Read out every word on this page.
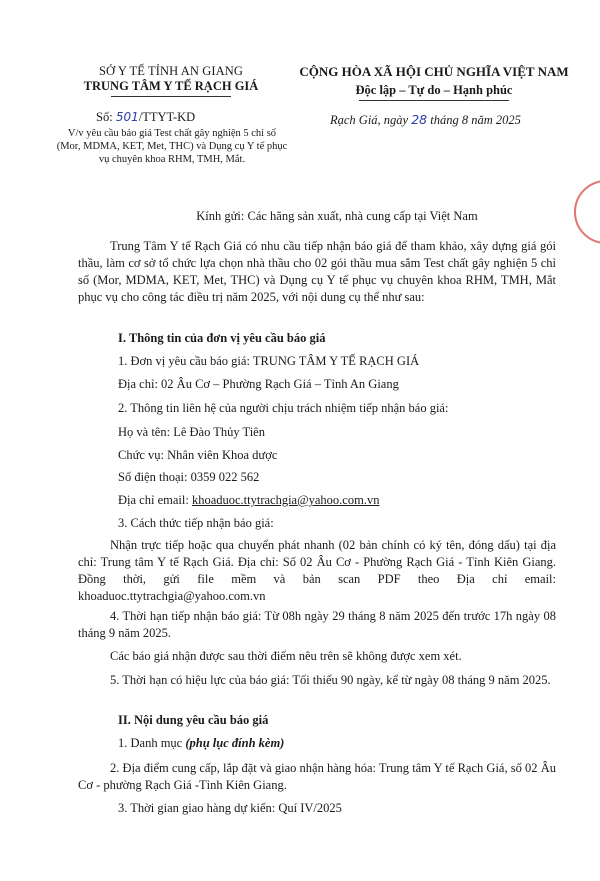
SỞ Y TẾ TỈNH AN GIANG
TRUNG TÂM Y TẾ RẠCH GIÁ
CỘNG HÒA XÃ HỘI CHỦ NGHĨA VIỆT NAM
Độc lập – Tự do – Hạnh phúc
Số: 501/TTYT-KD	Rạch Giá, ngày 28 tháng 8 năm 2025
V/v yêu cầu báo giá Test chất gây nghiện 5 chỉ số (Mor, MDMA, KET, Met, THC) và Dụng cụ Y tế phục vụ chuyên khoa RHM, TMH, Mắt.

Kính gửi: Các hãng sản xuất, nhà cung cấp tại Việt Nam

Trung Tâm Y tế Rạch Giá có nhu cầu tiếp nhận báo giá để tham khảo, xây dựng giá gói thầu, làm cơ sở tổ chức lựa chọn nhà thầu cho 02 gói thầu mua sắm Test chất gây nghiện 5 chỉ số (Mor, MDMA, KET, Met, THC) và Dụng cụ Y tế phục vụ chuyên khoa RHM, TMH, Mắt phục vụ cho công tác điều trị năm 2025, với nội dung cụ thể như sau:

I. Thông tin của đơn vị yêu cầu báo giá

1. Đơn vị yêu cầu báo giá: TRUNG TÂM Y TẾ RẠCH GIÁ

Địa chỉ: 02 Âu Cơ – Phường Rạch Giá – Tỉnh An Giang

2. Thông tin liên hệ của người chịu trách nhiệm tiếp nhận báo giá:

Họ và tên: Lê Đào Thủy Tiên

Chức vụ: Nhân viên Khoa dược

Số điện thoại: 0359 022 562

Địa chỉ email: khoaduoc.ttytrachgia@yahoo.com.vn

3. Cách thức tiếp nhận báo giá:

Nhận trực tiếp hoặc qua chuyển phát nhanh (02 bản chính có ký tên, đóng dấu) tại địa chỉ: Trung tâm Y tế Rạch Giá. Địa chỉ: Số 02 Âu Cơ - Phường Rạch Giá - Tỉnh Kiên Giang. Đồng thời, gửi file mềm và bản scan PDF theo Địa chỉ email: khoaduoc.ttytrachgia@yahoo.com.vn

4. Thời hạn tiếp nhận báo giá: Từ 08h ngày 29 tháng 8 năm 2025 đến trước 17h ngày 08 tháng 9 năm 2025.

Các báo giá nhận được sau thời điểm nêu trên sẽ không được xem xét.

5. Thời hạn có hiệu lực của báo giá: Tối thiểu 90 ngày, kể từ ngày 08 tháng 9 năm 2025.

II. Nội dung yêu cầu báo giá

1. Danh mục (phụ lục đính kèm)

2. Địa điểm cung cấp, lắp đặt và giao nhận hàng hóa: Trung tâm Y tế Rạch Giá, số 02 Âu Cơ - phường Rạch Giá -Tỉnh Kiên Giang.

3. Thời gian giao hàng dự kiến: Quí IV/2025
